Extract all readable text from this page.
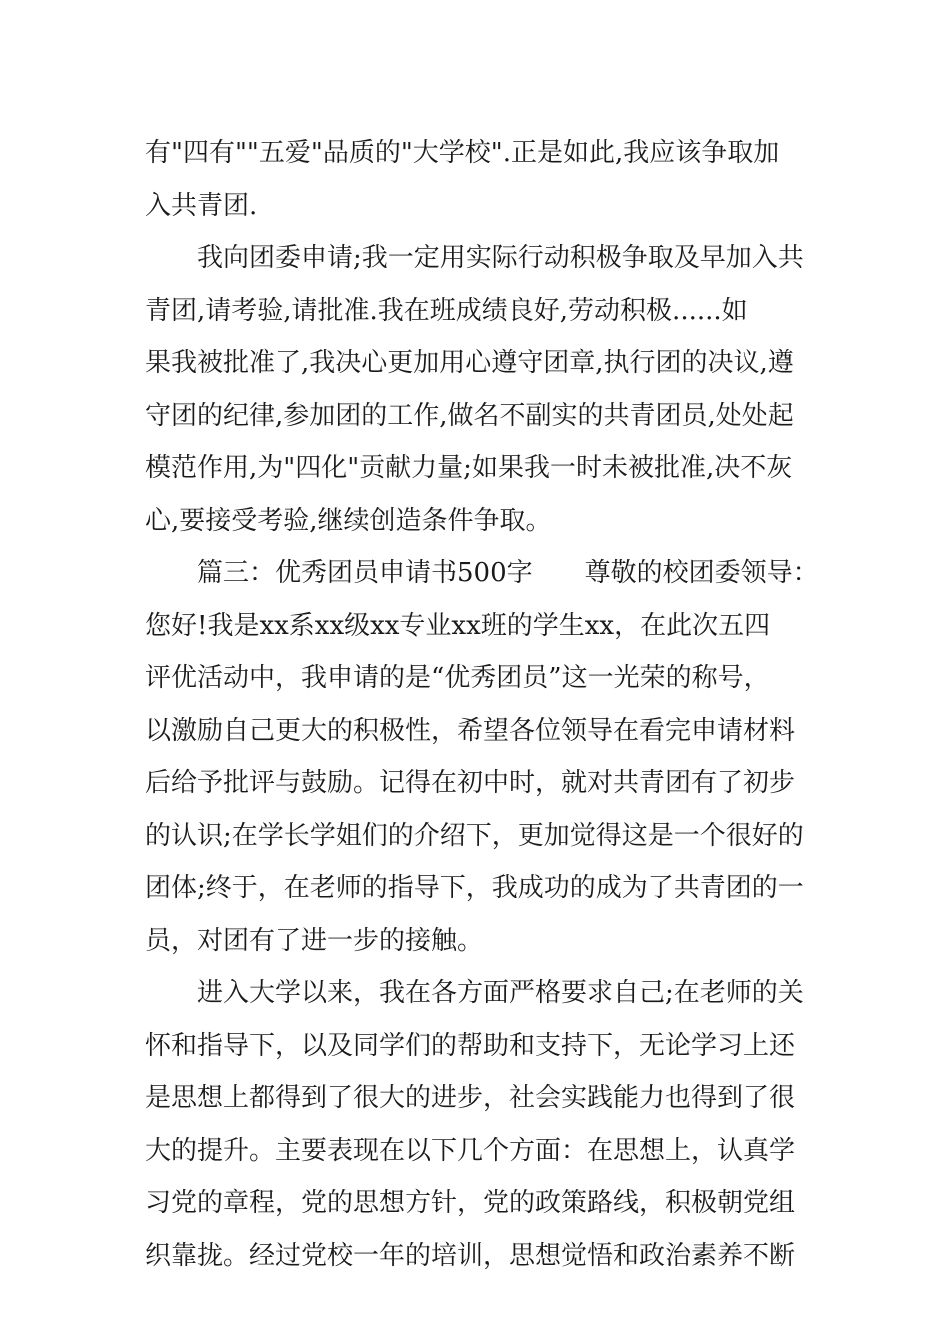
有"四有""五爱"品质的"大学校".正是如此,我应该争取加
入共青团.
我向团委申请;我一定用实际行动积极争取及早加入共
青团,请考验,请批准.我在班成绩良好,劳动积极......如
果我被批准了,我决心更加用心遵守团章,执行团的决议,遵
守团的纪律,参加团的工作,做名不副实的共青团员,处处起
模范作用,为"四化"贡献力量;如果我一时未被批准,决不灰
心,要接受考验,继续创造条件争取。
篇三：优秀团员申请书500字　　尊敬的校团委领导：
您好!我是xx系xx级xx专业xx班的学生xx，在此次五四
评优活动中，我申请的是“优秀团员”这一光荣的称号，
以激励自己更大的积极性，希望各位领导在看完申请材料
后给予批评与鼓励。记得在初中时，就对共青团有了初步
的认识;在学长学姐们的介绍下，更加觉得这是一个很好的
团体;终于，在老师的指导下，我成功的成为了共青团的一
员，对团有了进一步的接触。
进入大学以来，我在各方面严格要求自己;在老师的关
怀和指导下，以及同学们的帮助和支持下，无论学习上还
是思想上都得到了很大的进步，社会实践能力也得到了很
大的提升。主要表现在以下几个方面：在思想上，认真学
习党的章程，党的思想方针，党的政策路线，积极朝党组
织靠拢。经过党校一年的培训，思想觉悟和政治素养不断
